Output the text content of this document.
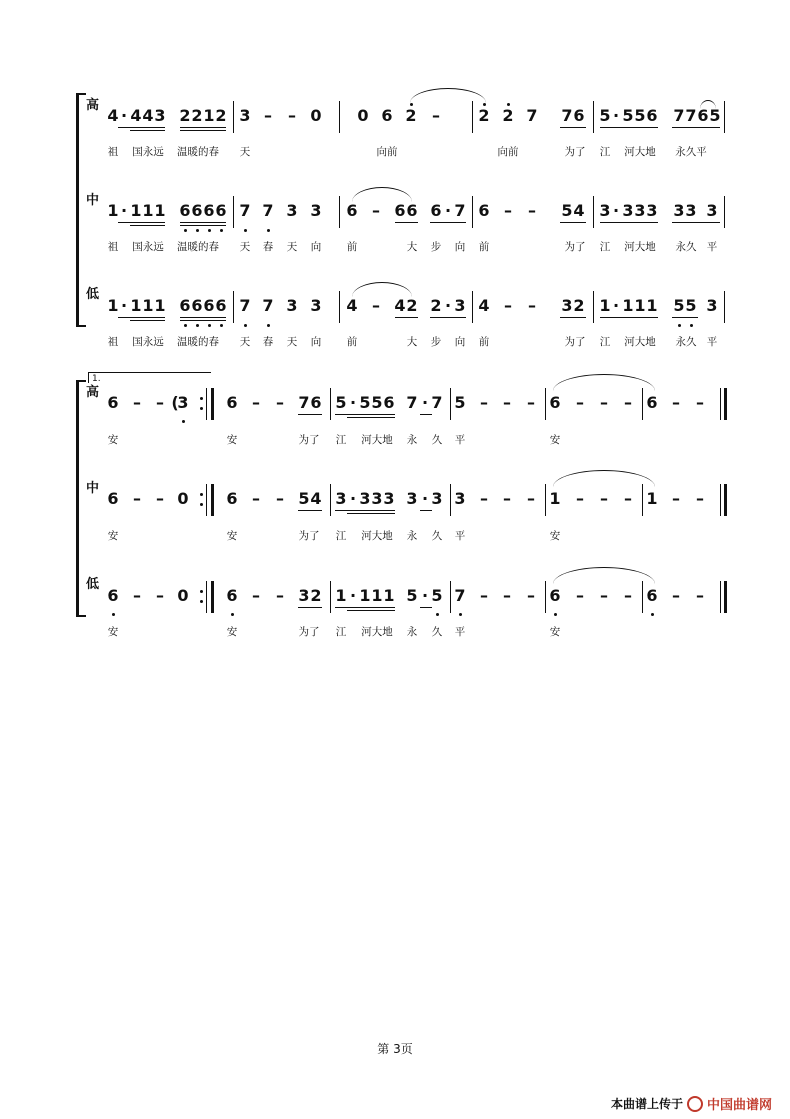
高
4 · 4 4 3 2 2 1 2 3 – – 0 0 6 2 – 2 2 7 7 6 5 · 5 5 6 7 7 6 5
祖 国永远 温暖的春 天	向前	向前	为了 江 河大地 永久平
中
1 · 1 1 1 6 6 6 6 7 7 3 3 6 – 6 6 6 · 7 6 – – 5 4 3 · 3 3 3 3 3 3
祖 国永远 温暖的春 天 春 天 向 前	大 步 向 前	为了 江 河大地 永久 平
低
1 · 1 1 1 6 6 6 6 7 7 3 3 4 – 4 2 2 · 3 4 – – 3 2 1 · 1 1 1 5 5 3
祖 国永远 温暖的春 天 春 天 向 前	大 步 向 前	为了 江 河大地 永久 平
1.
高
6 – – 3 6 – – 7 6 5 · 5 5 6 7 · 7 5 – – – 6 – – – 6 – –
安	安	为了 江 河大地 永 久 平	安
中
6 – – 0 6 – – 5 4 3 · 3 3 3 3 · 3 3 – – – 1 – – – 1 – –
安	安	为了 江 河大地 永 久 平	安
低
6 – – 0 6 – – 3 2 1 · 1 1 1 5 · 5 7 – – – 6 – – – 6 – –
安	安	为了 江 河大地 永 久 平	安
(
第 3页
本曲谱上传于 中国曲谱网
